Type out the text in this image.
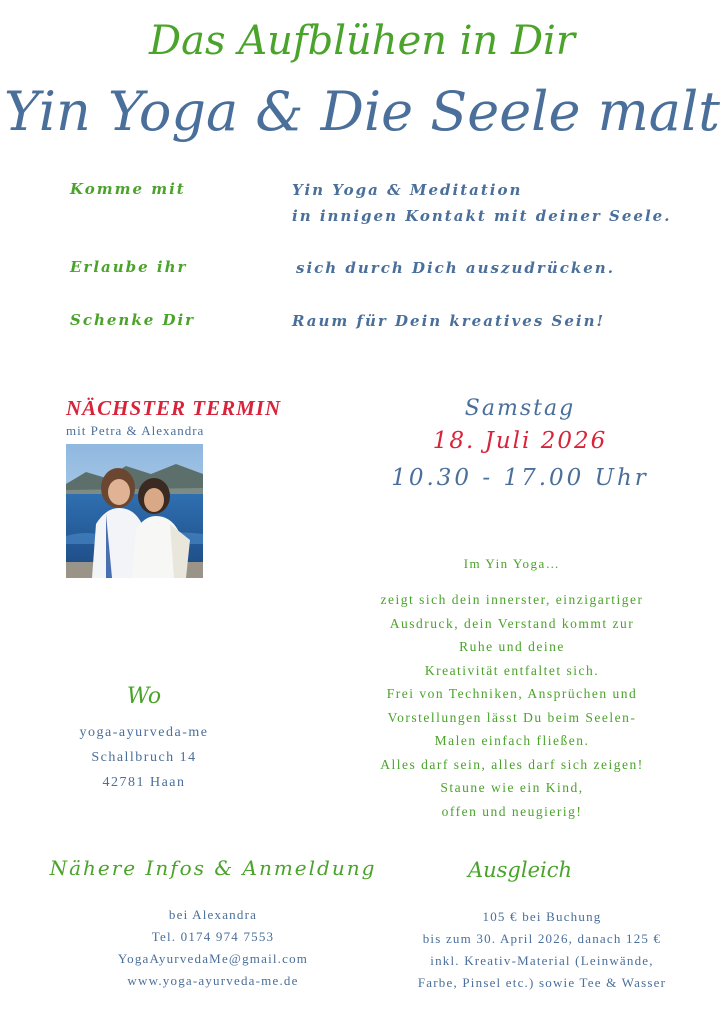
Das Aufblühen in Dir
Yin Yoga & Die Seele malt
Komme mit	Yin Yoga & Meditation
in innigen Kontakt mit deiner Seele.
Erlaube ihr	sich durch Dich auszudrücken.
Schenke Dir	Raum für Dein kreatives Sein!
NÄCHSTER TERMIN
mit Petra & Alexandra
Samstag
18. Juli 2026
10.30 - 17.00 Uhr
Im Yin Yoga…
zeigt sich dein innerster, einzigartiger
Ausdruck, dein Verstand kommt zur
Ruhe und deine
Kreativität entfaltet sich.
Frei von Techniken, Ansprüchen und
Vorstellungen lässt Du beim Seelen-
Malen einfach fließen.
Alles darf sein, alles darf sich zeigen!
Staune wie ein Kind,
offen und neugierig!
Wo
yoga-ayurveda-me
Schallbruch 14
42781 Haan
Nähere Infos & Anmeldung
bei Alexandra
Tel. 0174 974 7553
YogaAyurvedaMe@gmail.com
www.yoga-ayurveda-me.de
Ausgleich
105 € bei Buchung
bis zum 30. April 2026, danach 125 €
inkl. Kreativ-Material (Leinwände,
Farbe, Pinsel etc.) sowie Tee & Wasser
